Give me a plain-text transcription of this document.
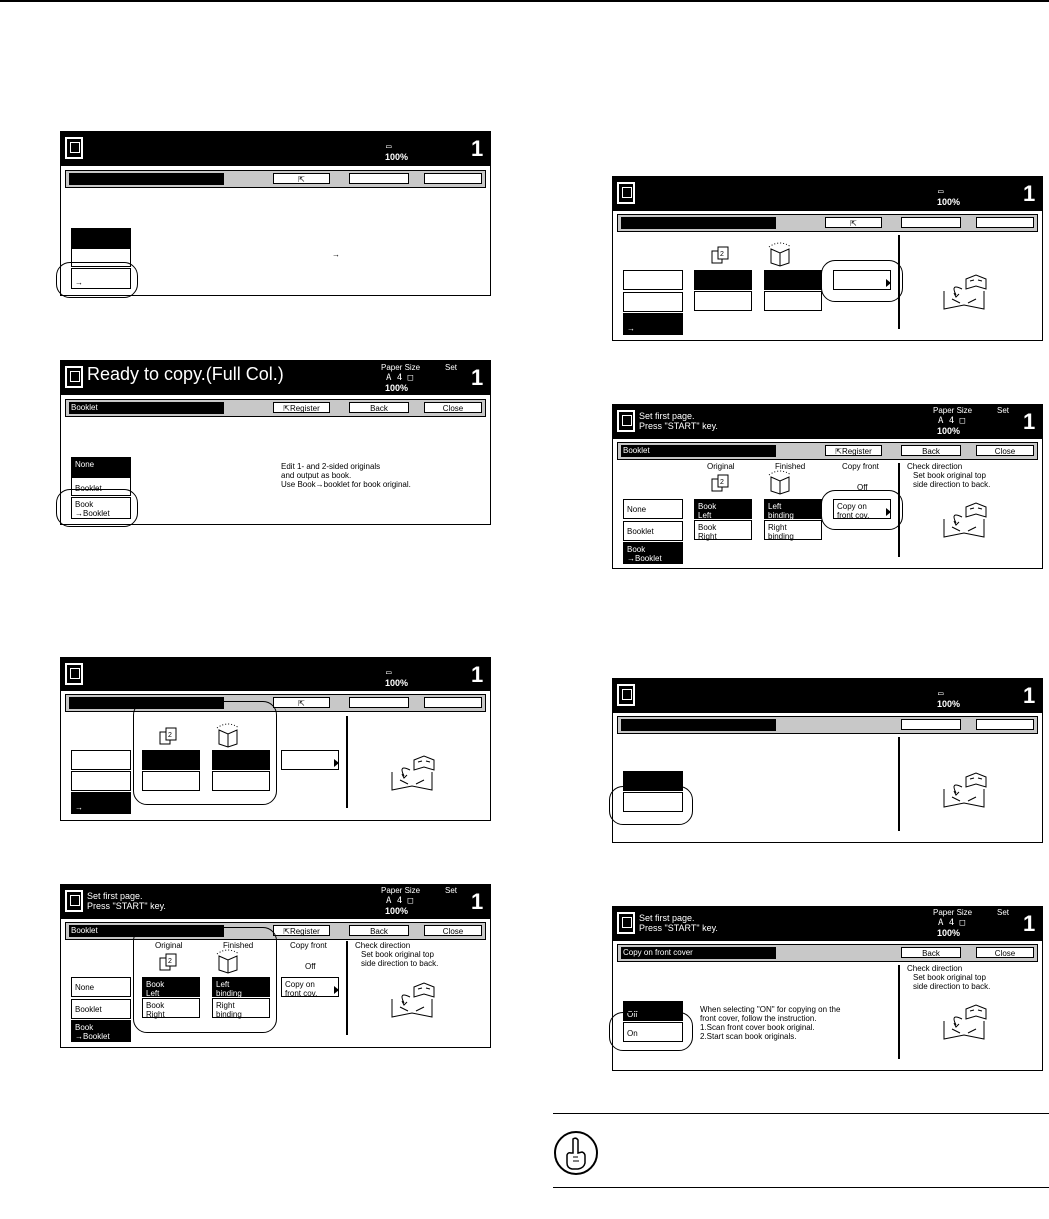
▭
100%	1
⇱
→
→
Ready to copy.(Full Col.)	Paper Size	Set
A 4 □
100%	1
Booklet	⇱Register	Back	Close
None
Booklet
Book
→Booklet
Edit 1- and 2-sided originals
and output as book.
Use Book→booklet for book original.
▭
100%	1
⇱
2
→
Set first page.
Press "START" key.
Paper Size	Set
A 4 □
100%	1
Booklet	⇱Register	Back	Close
Original	Finished	Copy front
Off
Check direction
Set book original top
side direction to back.
2
None
Booklet
Book
→Booklet
Book
Left
Book
Right
Left
binding
Right
binding
Copy on
front cov.
▭
100%	1
⇱
2
→
Set first page.
Press "START" key.
Paper Size	Set
A 4 □
100%	1
Booklet	⇱Register	Back	Close
Original	Finished	Copy front
Off
Check direction
Set book original top
side direction to back.
2
None
Booklet
Book
→Booklet
Book
Left
Book
Right
Left
binding
Right
binding
Copy on
front cov.
▭
100%	1
Set first page.
Press "START" key.
Paper Size	Set
A 4 □
100%	1
Copy on front cover	Back	Close
Check direction
Set book original top
side direction to back.
Off
On
When selecting "ON" for copying on the
front cover, follow the instruction.
1.Scan front cover book original.
2.Start scan book originals.
